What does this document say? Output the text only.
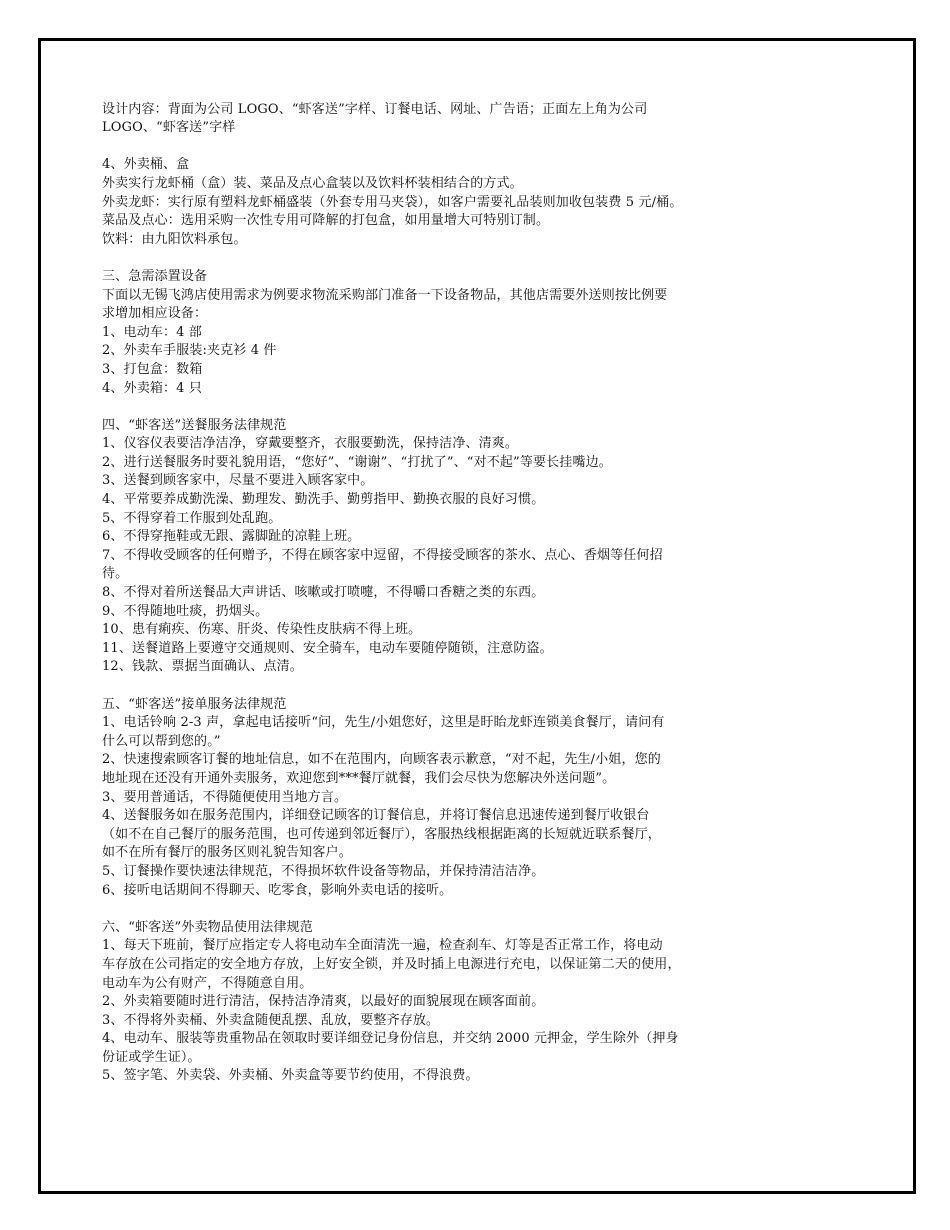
设计内容：背面为公司 LOGO、“虾客送”字样、订餐电话、网址、广告语；正面左上角为公司
LOGO、“虾客送”字样
4、外卖桶、盒
外卖实行龙虾桶（盒）装、菜品及点心盒装以及饮料杯装相结合的方式。
外卖龙虾：实行原有塑料龙虾桶盛装（外套专用马夹袋），如客户需要礼品装则加收包装费 5 元/桶。
菜品及点心：选用采购一次性专用可降解的打包盒，如用量增大可特别订制。
饮料：由九阳饮料承包。
三、急需添置设备
下面以无锡飞鸿店使用需求为例要求物流采购部门准备一下设备物品，其他店需要外送则按比例要
求增加相应设备：
1、电动车：4 部
2、外卖车手服装:夹克衫 4 件
3、打包盒：数箱
4、外卖箱：4 只
四、“虾客送”送餐服务法律规范
1、仪容仪表要洁净洁净，穿戴要整齐，衣服要勤洗，保持洁净、清爽。
2、进行送餐服务时要礼貌用语，“您好”、“谢谢”、“打扰了”、“对不起”等要长挂嘴边。
3、送餐到顾客家中，尽量不要进入顾客家中。
4、平常要养成勤洗澡、勤理发、勤洗手、勤剪指甲、勤换衣服的良好习惯。
5、不得穿着工作服到处乱跑。
6、不得穿拖鞋或无跟、露脚趾的凉鞋上班。
7、不得收受顾客的任何赠予，不得在顾客家中逗留，不得接受顾客的茶水、点心、香烟等任何招
待。
8、不得对着所送餐品大声讲话、咳嗽或打喷嚏，不得嚼口香糖之类的东西。
9、不得随地吐痰，扔烟头。
10、患有痢疾、伤寒、肝炎、传染性皮肤病不得上班。
11、送餐道路上要遵守交通规则、安全骑车，电动车要随停随锁，注意防盗。
12、钱款、票据当面确认、点清。
五、“虾客送”接单服务法律规范
1、电话铃响 2-3 声，拿起电话接听“问，先生/小姐您好，这里是盱眙龙虾连锁美食餐厅，请问有
什么可以帮到您的。”
2、快速搜索顾客订餐的地址信息，如不在范围内，向顾客表示歉意，“对不起，先生/小姐，您的
地址现在还没有开通外卖服务，欢迎您到***餐厅就餐，我们会尽快为您解决外送问题”。
3、要用普通话，不得随便使用当地方言。
4、送餐服务如在服务范围内，详细登记顾客的订餐信息，并将订餐信息迅速传递到餐厅收银台
（如不在自己餐厅的服务范围，也可传递到邻近餐厅），客服热线根据距离的长短就近联系餐厅，
如不在所有餐厅的服务区则礼貌告知客户。
5、订餐操作要快速法律规范，不得损坏软件设备等物品，并保持清洁洁净。
6、接听电话期间不得聊天、吃零食，影响外卖电话的接听。
六、“虾客送”外卖物品使用法律规范
1、每天下班前，餐厅应指定专人将电动车全面清洗一遍，检查刹车、灯等是否正常工作，将电动
车存放在公司指定的安全地方存放，上好安全锁，并及时插上电源进行充电，以保证第二天的使用，
电动车为公有财产，不得随意自用。
2、外卖箱要随时进行清洁，保持洁净清爽，以最好的面貌展现在顾客面前。
3、不得将外卖桶、外卖盒随便乱摆、乱放，要整齐存放。
4、电动车、服装等贵重物品在领取时要详细登记身份信息，并交纳 2000 元押金，学生除外（押身
份证或学生证）。
5、签字笔、外卖袋、外卖桶、外卖盒等要节约使用，不得浪费。
